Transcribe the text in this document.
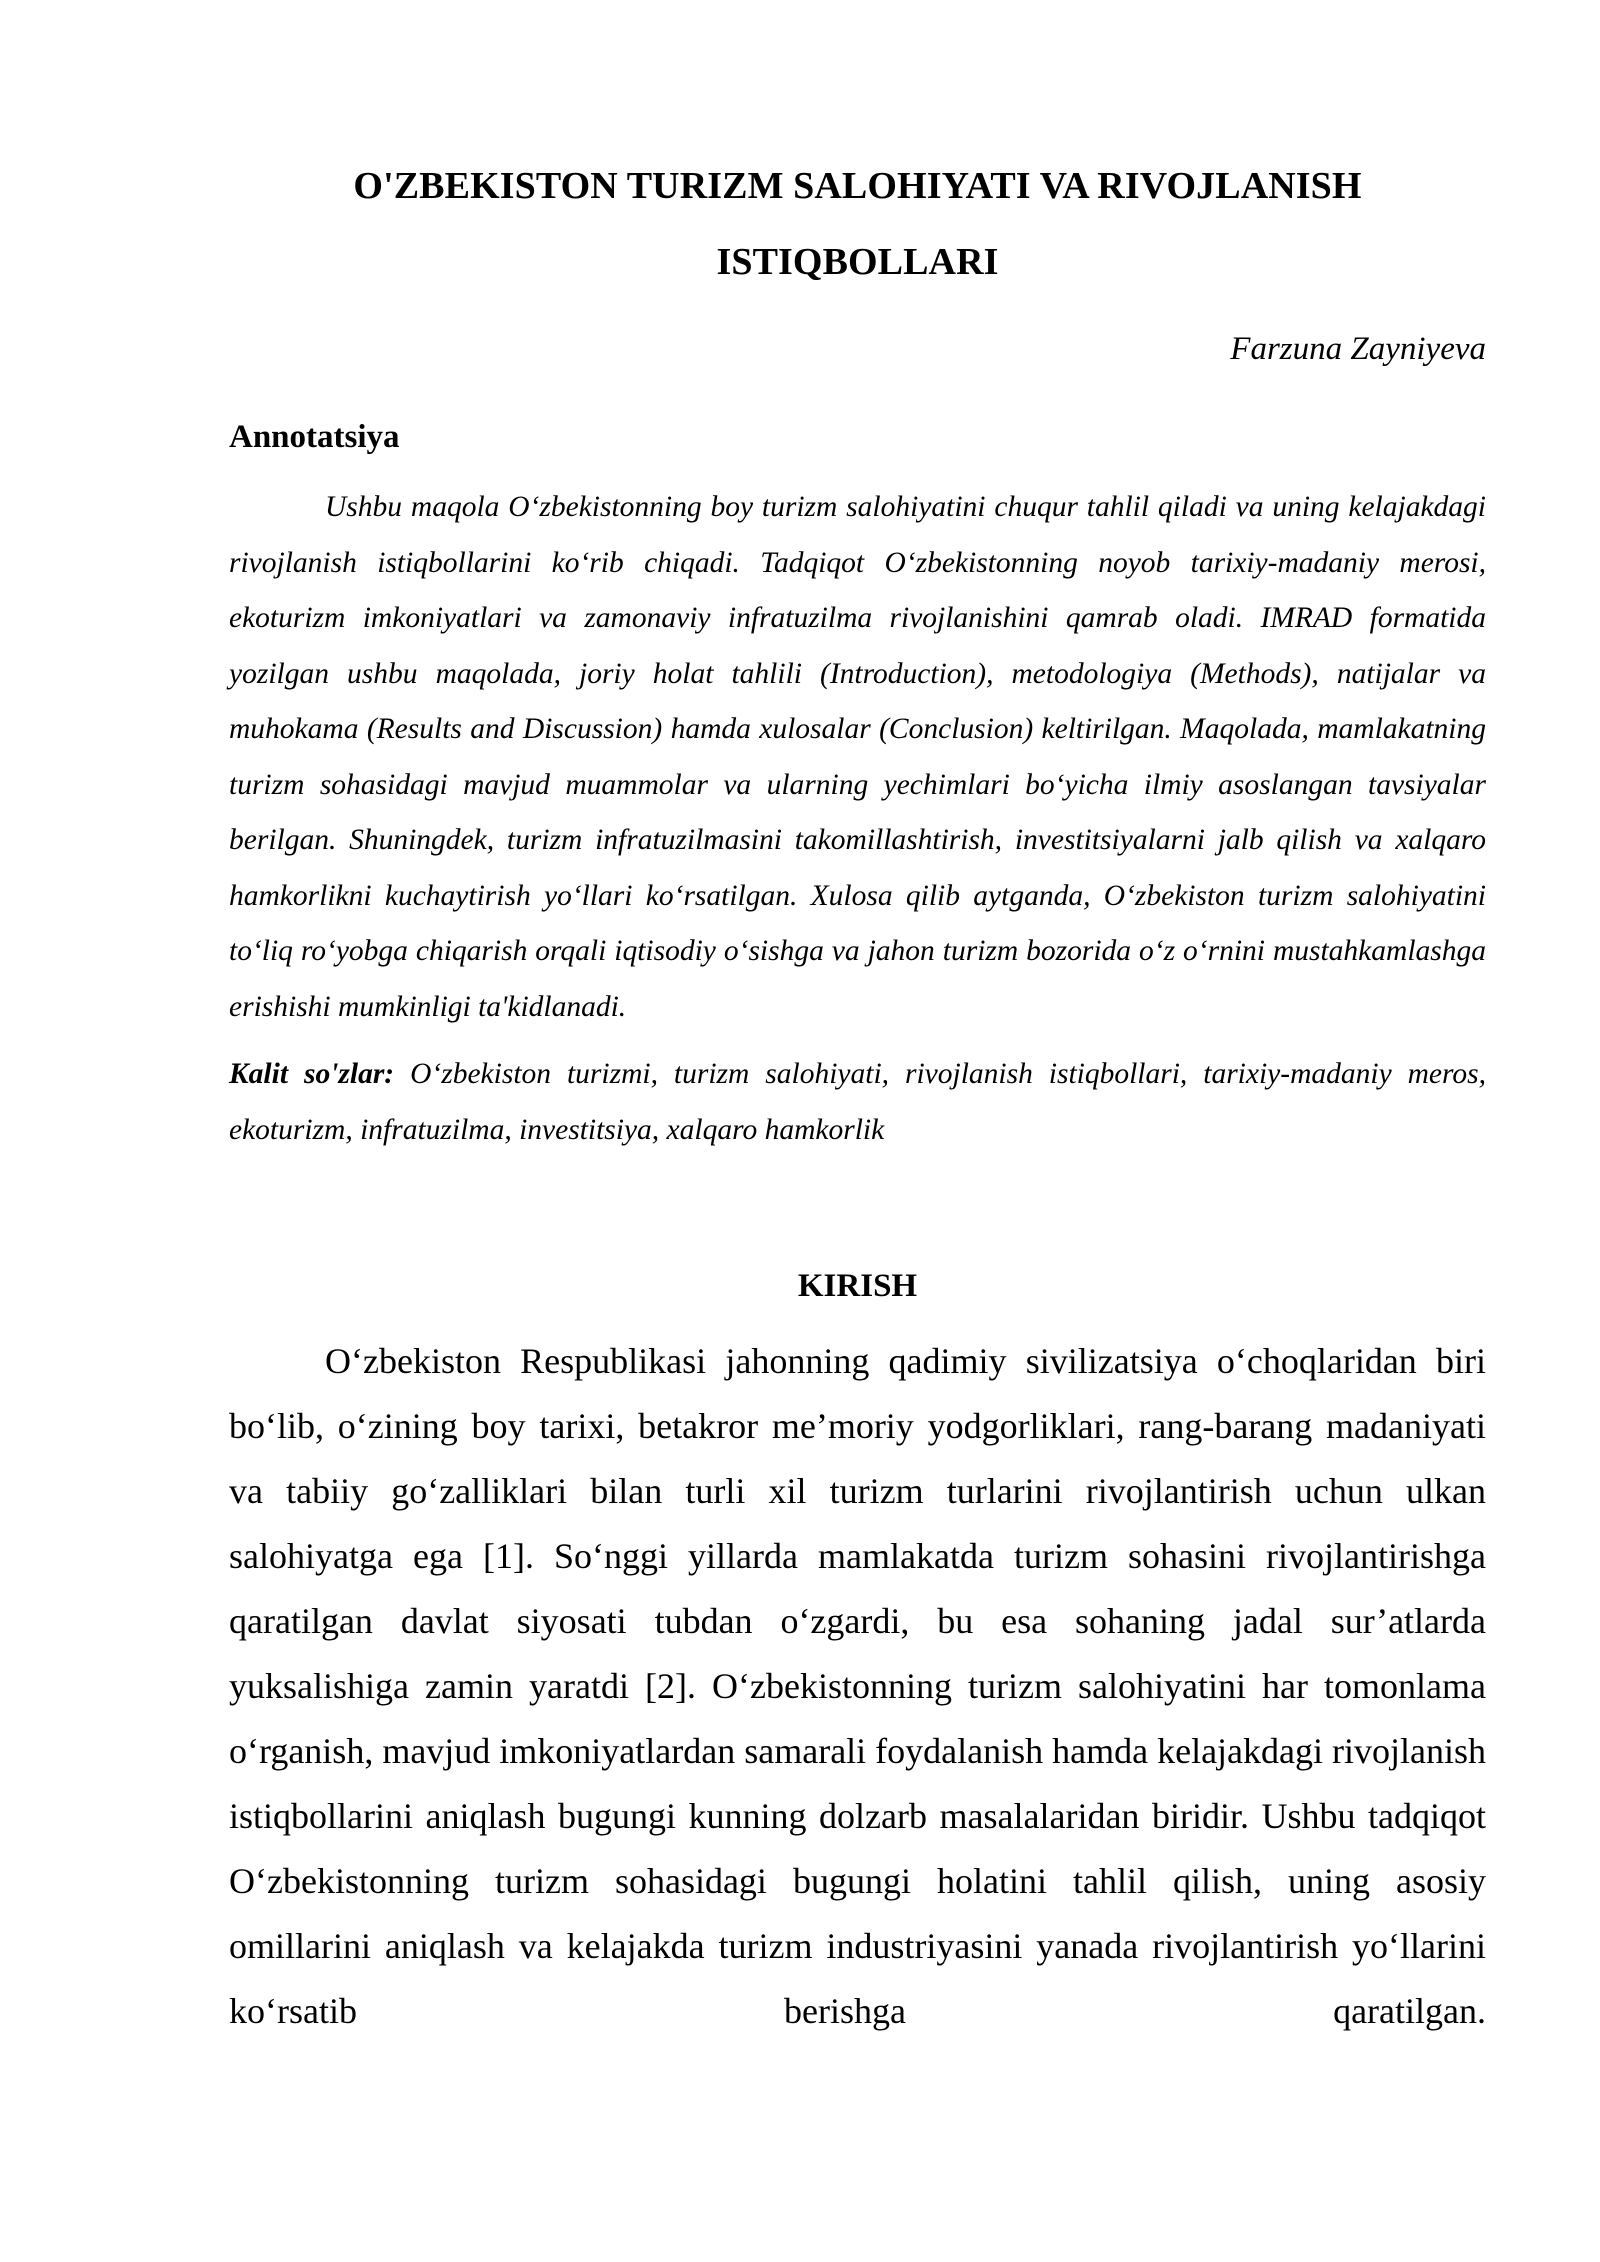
O'ZBEKISTON TURIZM SALOHIYATI VA RIVOJLANISH ISTIQBOLLARI
Farzuna Zayniyeva
Annotatsiya

Ushbu maqola O‘zbekistonning boy turizm salohiyatini chuqur tahlil qiladi va uning kelajakdagi rivojlanish istiqbollarini ko‘rib chiqadi. Tadqiqot O‘zbekistonning noyob tarixiy-madaniy merosi, ekoturizm imkoniyatlari va zamonaviy infratuzilma rivojlanishini qamrab oladi. IMRAD formatida yozilgan ushbu maqolada, joriy holat tahlili (Introduction), metodologiya (Methods), natijalar va muhokama (Results and Discussion) hamda xulosalar (Conclusion) keltirilgan. Maqolada, mamlakatning turizm sohasidagi mavjud muammolar va ularning yechimlari bo‘yicha ilmiy asoslangan tavsiyalar berilgan. Shuningdek, turizm infratuzilmasini takomillashtirish, investitsiyalarni jalb qilish va xalqaro hamkorlikni kuchaytirish yo‘llari ko‘rsatilgan. Xulosa qilib aytganda, O‘zbekiston turizm salohiyatini to‘liq ro‘yobga chiqarish orqali iqtisodiy o‘sishga va jahon turizm bozorida o‘z o‘rnini mustahkamlashga erishishi mumkinligi ta'kidlanadi.

Kalit so'zlar: O‘zbekiston turizmi, turizm salohiyati, rivojlanish istiqbollari, tarixiy-madaniy meros, ekoturizm, infratuzilma, investitsiya, xalqaro hamkorlik

KIRISH

O‘zbekiston Respublikasi jahonning qadimiy sivilizatsiya o‘choqlaridan biri bo‘lib, o‘zining boy tarixi, betakror me’moriy yodgorliklari, rang-barang madaniyati va tabiiy go‘zalliklari bilan turli xil turizm turlarini rivojlantirish uchun ulkan salohiyatga ega [1]. So‘nggi yillarda mamlakatda turizm sohasini rivojlantirishga qaratilgan davlat siyosati tubdan o‘zgardi, bu esa sohaning jadal sur’atlarda yuksalishiga zamin yaratdi [2]. O‘zbekistonning turizm salohiyatini har tomonlama o‘rganish, mavjud imkoniyatlardan samarali foydalanish hamda kelajakdagi rivojlanish istiqbollarini aniqlash bugungi kunning dolzarb masalalaridan biridir. Ushbu tadqiqot O‘zbekistonning turizm sohasidagi bugungi holatini tahlil qilish, uning asosiy omillarini aniqlash va kelajakda turizm industriyasini yanada rivojlantirish yo‘llarini ko‘rsatib berishga qaratilgan.
